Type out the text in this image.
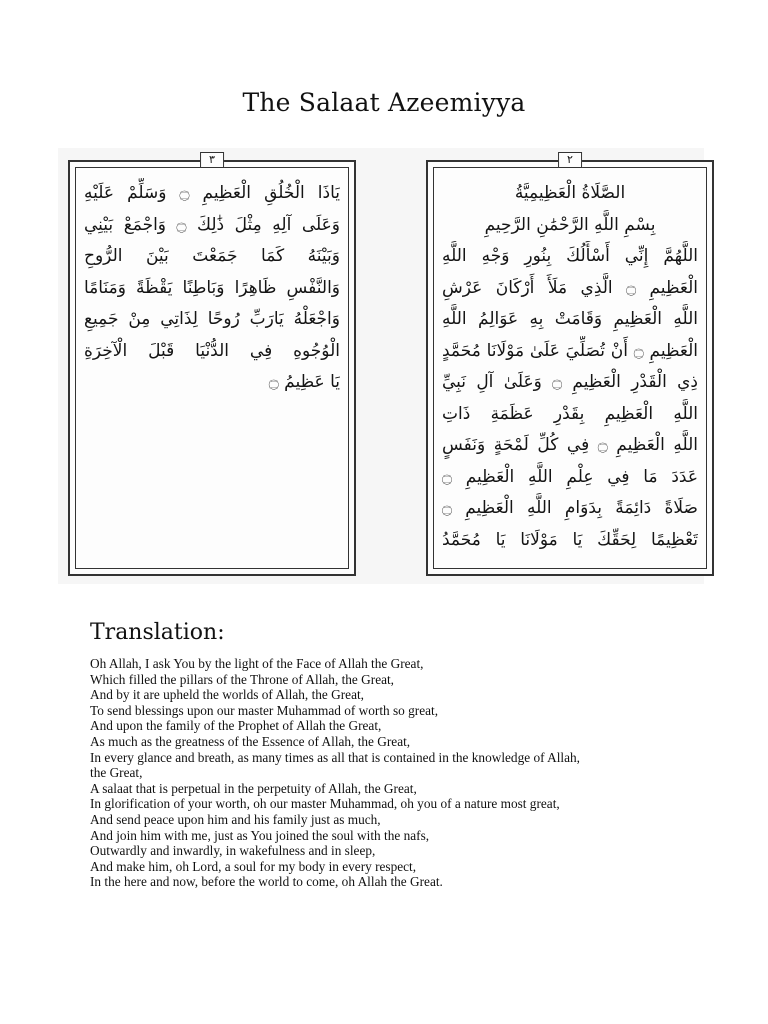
The Salaat Azeemiyya
٣
يَاذَا الْخُلُقِ الْعَظِيمِ ۝ وَسَلِّمْ عَلَيْهِ
وَعَلَى آلِهِ مِثْلَ ذَٰلِكَ ۝ وَاجْمَعْ بَيْنِي
وَبَيْنَهُ كَمَا جَمَعْتَ بَيْنَ الرُّوحِ
وَالنَّفْسِ ظَاهِرًا وَبَاطِنًا يَقْظَةً وَمَنَامًا
وَاجْعَلْهُ يَارَبِّ رُوحًا لِذَاتِي مِنْ جَمِيعِ
الْوُجُوهِ فِي الدُّنْيَا قَبْلَ الْآخِرَةِ
يَا عَظِيمُ ۝
٢
الصَّلَاةُ الْعَظِيمِيَّةُ
بِسْمِ اللَّهِ الرَّحْمَٰنِ الرَّحِيمِ
اللَّهُمَّ إِنِّي أَسْأَلُكَ بِنُورِ وَجْهِ اللَّهِ
الْعَظِيمِ ۝ الَّذِي مَلَأَ أَرْكَانَ عَرْشِ
اللَّهِ الْعَظِيمِ وَقَامَتْ بِهِ عَوَالِمُ اللَّهِ
الْعَظِيمِ ۝ أَنْ تُصَلِّيَ عَلَىٰ مَوْلَانَا مُحَمَّدٍ
ذِي الْقَدْرِ الْعَظِيمِ ۝ وَعَلَىٰ آلِ نَبِيِّ
اللَّهِ الْعَظِيمِ بِقَدْرِ عَظَمَةِ ذَاتِ
اللَّهِ الْعَظِيمِ ۝ فِي كُلِّ لَمْحَةٍ وَنَفَسٍ
عَدَدَ مَا فِي عِلْمِ اللَّهِ الْعَظِيمِ ۝
صَلَاةً دَائِمَةً بِدَوَامِ اللَّهِ الْعَظِيمِ ۝
تَعْظِيمًا لِحَقِّكَ يَا مَوْلَانَا يَا مُحَمَّدُ
Translation:
Oh Allah, I ask You by the light of the Face of Allah the Great,
Which filled the pillars of the Throne of Allah, the Great,
And by it are upheld the worlds of Allah, the Great,
To send blessings upon our master Muhammad of worth so great,
And upon the family of the Prophet of Allah the Great,
As much as the greatness of the Essence of Allah, the Great,
In every glance and breath, as many times as all that is contained in the knowledge of Allah,
the Great,
A salaat that is perpetual in the perpetuity of Allah, the Great,
In glorification of your worth, oh our master Muhammad, oh you of a nature most great,
And send peace upon him and his family just as much,
And join him with me, just as You joined the soul with the nafs,
Outwardly and inwardly, in wakefulness and in sleep,
And make him, oh Lord, a soul for my body in every respect,
In the here and now, before the world to come, oh Allah the Great.
